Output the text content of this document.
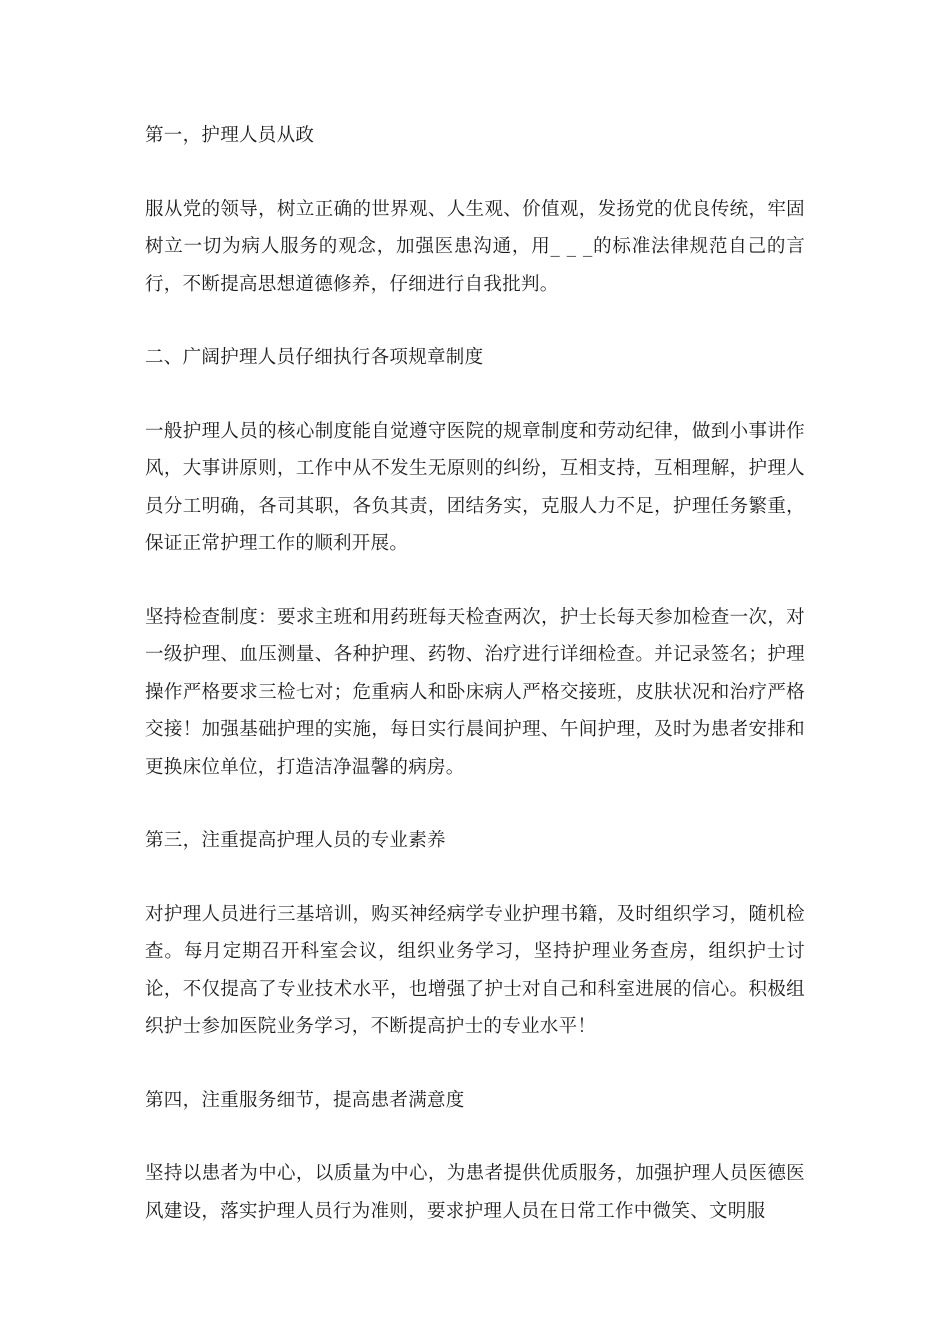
第一，护理人员从政

服从党的领导，树立正确的世界观、人生观、价值观，发扬党的优良传统，牢固树立一切为病人服务的观念，加强医患沟通，用_ _ _的标准法律规范自己的言行，不断提高思想道德修养，仔细进行自我批判。

二、广阔护理人员仔细执行各项规章制度

一般护理人员的核心制度能自觉遵守医院的规章制度和劳动纪律，做到小事讲作风，大事讲原则，工作中从不发生无原则的纠纷，互相支持，互相理解，护理人员分工明确，各司其职，各负其责，团结务实，克服人力不足，护理任务繁重，保证正常护理工作的顺利开展。

坚持检查制度：要求主班和用药班每天检查两次，护士长每天参加检查一次，对一级护理、血压测量、各种护理、药物、治疗进行详细检查。并记录签名；护理操作严格要求三检七对；危重病人和卧床病人严格交接班，皮肤状况和治疗严格交接！加强基础护理的实施，每日实行晨间护理、午间护理，及时为患者安排和更换床位单位，打造洁净温馨的病房。

第三，注重提高护理人员的专业素养

对护理人员进行三基培训，购买神经病学专业护理书籍，及时组织学习，随机检查。每月定期召开科室会议，组织业务学习，坚持护理业务查房，组织护士讨论，不仅提高了专业技术水平，也增强了护士对自己和科室进展的信心。积极组织护士参加医院业务学习，不断提高护士的专业水平！

第四，注重服务细节，提高患者满意度

坚持以患者为中心，以质量为中心，为患者提供优质服务，加强护理人员医德医风建设，落实护理人员行为准则，要求护理人员在日常工作中微笑、文明服
